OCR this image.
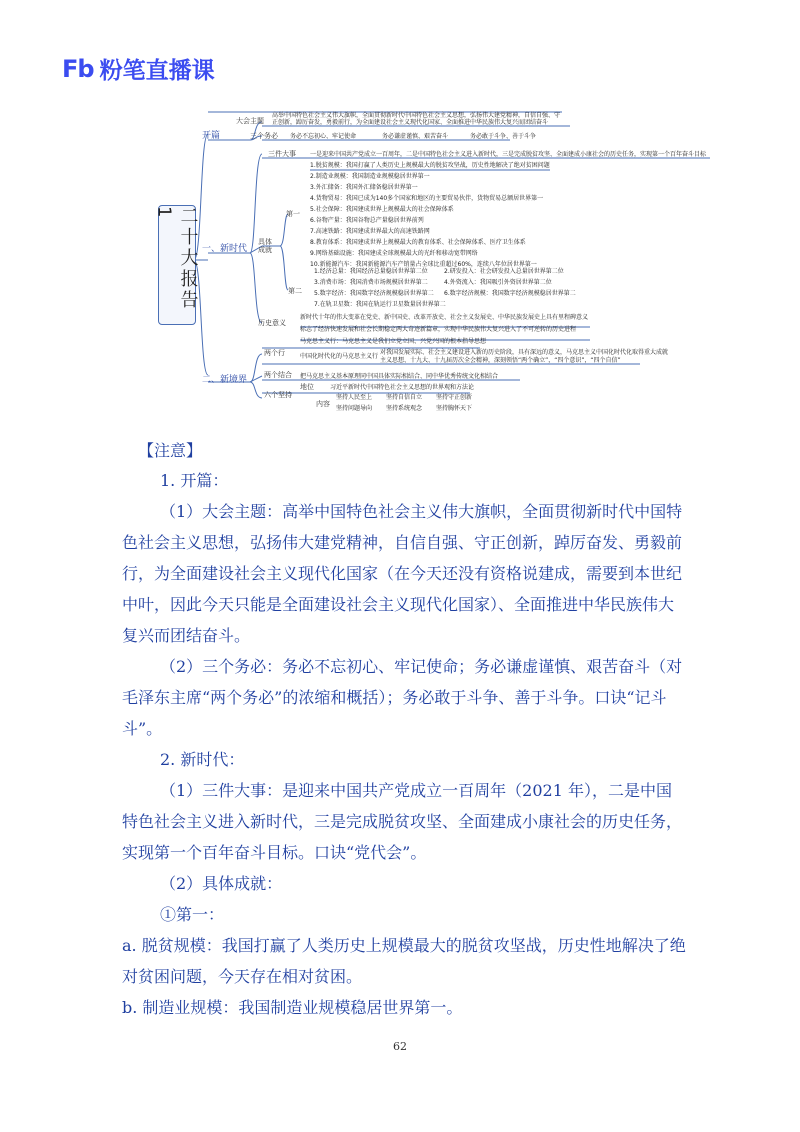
Fb 粉笔直播课
二十大报告1
开篇
一、新时代
二、新境界
大会主题
高举中国特色社会主义伟大旗帜，全面贯彻新时代中国特色社会主义思想，弘扬伟大建党精神，自信自强、守
正创新，踔厉奋发，勇毅前行，为全面建设社会主义现代化国家、全面推进中华民族伟大复兴而团结奋斗
三个务必 务必不忘初心、牢记使命	务必谦虚谨慎、艰苦奋斗	务必敢于斗争、善于斗争
三件大事 一是迎来中国共产党成立一百周年，二是中国特色社会主义进入新时代，三是完成脱贫攻坚、全面建成小康社会的历史任务，实现第一个百年奋斗目标
具体成就
第一
第二
历史意义
新时代十年的伟大变革在党史、新中国史、改革开放史、社会主义发展史、中华民族发展史上具有里程碑意义
标志了经济快速发展和社会长期稳定两大奇迹新篇章，实现中华民族伟大复兴进入了不可逆转的历史进程
两个行
马克思主义行：马克思主义是我们立党立国、兴党兴国的根本指导思想
中国化时代化的马克思主义行
对我国发展实际、社会主义建设进入新的历史阶段，具有深远的意义，马克思主义中国化时代化取得重大成就
主义思想、十九大、十九届历次全会精神，深刻领悟“两个确立”，“四个意识”，“四个自信”
两个结合 把马克思主义基本原理同中国具体实际相结合、同中华优秀传统文化相结合
六个坚持
地位	习近平新时代中国特色社会主义思想的世界观和方法论
内容
1.脱贫规模：我国打赢了人类历史上规模最大的脱贫攻坚战，历史性地解决了绝对贫困问题
2.制造业规模：我国制造业规模稳居世界第一
3.外汇储备：我国外汇储备稳居世界第一
4.货物贸易：我国已成为140多个国家和地区的主要贸易伙伴，货物贸易总额居世界第一
5.社会保障：我国建成世界上规模最大的社会保障体系
6.谷物产量：我国谷物总产量稳居世界前列
7.高速铁路：我国建成世界最大的高速铁路网
8.教育体系：我国建成世界上规模最大的教育体系、社会保障体系、医疗卫生体系
9.网络基础设施：我国建成全球规模最大的光纤和移动宽带网络
10.新能源汽车：我国新能源汽车产销量占全球比重超过60%，连续八年位居世界第一
1.经济总量：我国经济总量稳居世界第二位	2.研发投入：社会研发投入总量居世界第二位
3.消费市场：我国消费市场规模居世界第二	4.外资流入：我国吸引外资居世界第二位
5.数字经济：我国数字经济规模稳居世界第二 6.数字经济规模：我国数字经济规模稳居世界第二
7.在轨卫星数：我国在轨运行卫星数量居世界第二
坚持人民至上 坚持自信自立 坚持守正创新
坚持问题导向 坚持系统观念 坚持胸怀天下
【注意】

1. 开篇：

（1）大会主题：高举中国特色社会主义伟大旗帜，全面贯彻新时代中国特色社会主义思想，弘扬伟大建党精神，自信自强、守正创新，踔厉奋发、勇毅前行，为全面建设社会主义现代化国家（在今天还没有资格说建成，需要到本世纪中叶，因此今天只能是全面建设社会主义现代化国家）、全面推进中华民族伟大复兴而团结奋斗。

（2）三个务必：务必不忘初心、牢记使命；务必谦虚谨慎、艰苦奋斗（对毛泽东主席“两个务必”的浓缩和概括）；务必敢于斗争、善于斗争。口诀“记斗斗”。

2. 新时代：

（1）三件大事：是迎来中国共产党成立一百周年（2021 年），二是中国特色社会主义进入新时代，三是完成脱贫攻坚、全面建成小康社会的历史任务，实现第一个百年奋斗目标。口诀“党代会”。

（2）具体成就：

①第一：

a. 脱贫规模：我国打赢了人类历史上规模最大的脱贫攻坚战，历史性地解决了绝对贫困问题，今天存在相对贫困。

b. 制造业规模：我国制造业规模稳居世界第一。

62
